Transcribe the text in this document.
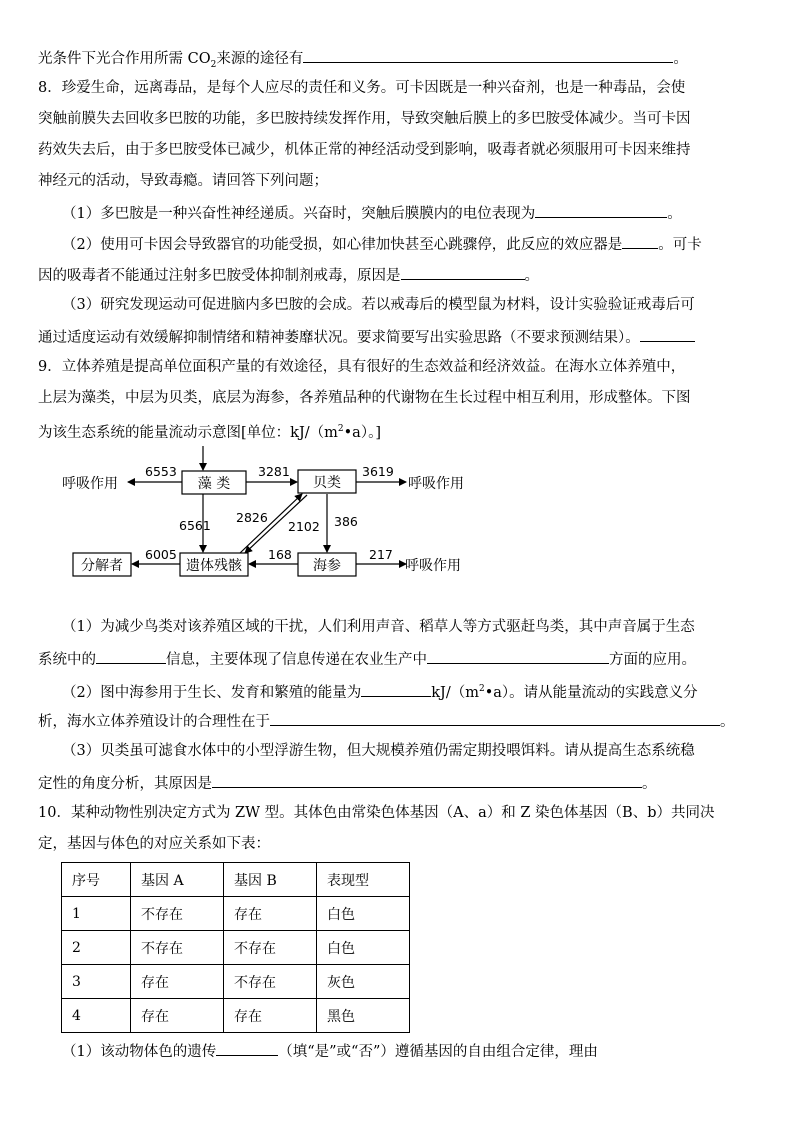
光条件下光合作用所需 $CO_2$来源的途径有	。
8．珍爱生命，远离毒品，是每个人应尽的责任和义务。可卡因既是一种兴奋剂，也是一种毒品，会使
突触前膜失去回收多巴胺的功能，多巴胺持续发挥作用，导致突触后膜上的多巴胺受体减少。当可卡因
药效失去后，由于多巴胺受体已减少，机体正常的神经活动受到影响，吸毒者就必须服用可卡因来维持
神经元的活动，导致毒瘾。请回答下列问题；
（1）多巴胺是一种兴奋性神经递质。兴奋时，突触后膜膜内的电位表现为	。
（2）使用可卡因会导致器官的功能受损，如心律加快甚至心跳骤停，此反应的效应器是 。可卡
因的吸毒者不能通过注射多巴胺受体抑制剂戒毒，原因是	。
（3）研究发现运动可促进脑内多巴胺的会成。若以戒毒后的模型鼠为材料，设计实验验证戒毒后可
通过适度运动有效缓解抑制情绪和精神萎靡状况。要求简要写出实验思路（不要求预测结果）。
9．立体养殖是提高单位面积产量的有效途径，具有很好的生态效益和经济效益。在海水立体养殖中，
上层为藻类，中层为贝类，底层为海参，各养殖品种的代谢物在生长过程中相互利用，形成整体。下图
为该生态系统的能量流动示意图[单位：$kJ/(m^2•a)$。]
藻 类	贝类
分解者	遗体残骸	海参
呼吸作用	呼吸作用
呼吸作用
6553	3281	3619
6561
2826
2102 386
6005	168	217
（1）为减少鸟类对该养殖区域的干扰，人们利用声音、稻草人等方式驱赶鸟类，其中声音属于生态
系统中的	信息，主要体现了信息传递在农业生产中	方面的应用。
（2）图中海参用于生长、发育和繁殖的能量为	$kJ/(m^2•a)$。请从能量流动的实践意义分
析，海水立体养殖设计的合理性在于	。
（3）贝类虽可滤食水体中的小型浮游生物，但大规模养殖仍需定期投喂饵料。请从提高生态系统稳
定性的角度分析，其原因是	。
10．某种动物性别决定方式为 ZW 型。其体色由常染色体基因（A、a）和 Z 染色体基因（B、b）共同决
定，基因与体色的对应关系如下表：
序号	基因 A	基因 B	表现型
1	不存在	存在	白色
2	不存在	不存在	白色
3	存在	不存在	灰色
4	存在	存在	黑色
（1）该动物体色的遗传	（填“是”或“否”）遵循基因的自由组合定律，理由
